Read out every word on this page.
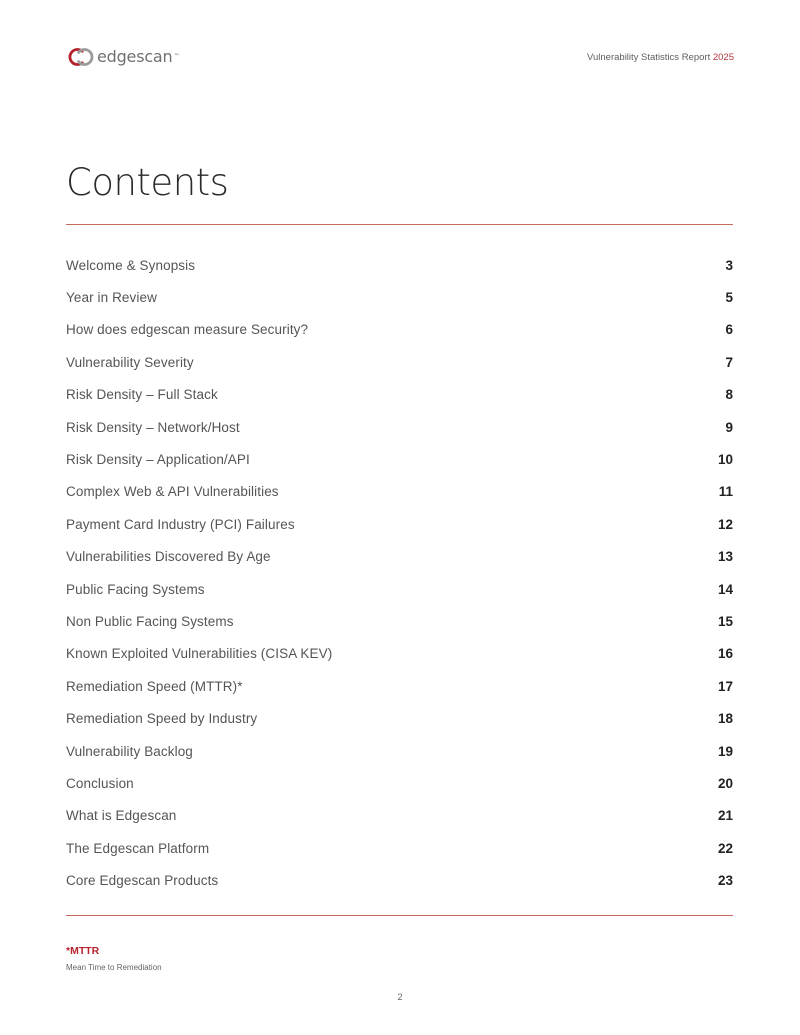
edgescan™	Vulnerability Statistics Report 2025
Contents
Welcome & Synopsis	3
Year in Review	5
How does edgescan measure Security?	6
Vulnerability Severity	7
Risk Density – Full Stack	8
Risk Density – Network/Host	9
Risk Density – Application/API	10
Complex Web & API Vulnerabilities	11
Payment Card Industry (PCI) Failures	12
Vulnerabilities Discovered By Age	13
Public Facing Systems	14
Non Public Facing Systems	15
Known Exploited Vulnerabilities (CISA KEV)	16
Remediation Speed (MTTR)*	17
Remediation Speed by Industry	18
Vulnerability Backlog	19
Conclusion	20
What is Edgescan	21
The Edgescan Platform	22
Core Edgescan Products	23
*MTTR
Mean Time to Remediation
2
